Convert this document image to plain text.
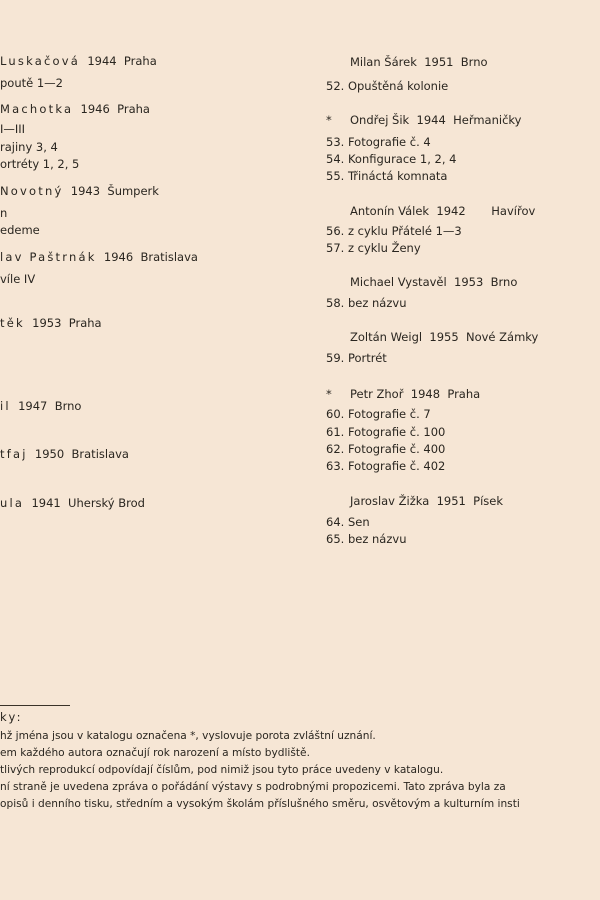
Luskačová 1944 Praha
poutě 1—2
Machotka 1946 Praha
I—III
rajiny 3, 4
ortréty 1, 2, 5
Novotný 1943 Šumperk
n
edeme
lav Paštrnák 1946 Bratislava
víle IV
těk 1953 Praha
il 1947 Brno
tfaj 1950 Bratislava
ula 1941 Uherský Brod
Milan Šárek 1951 Brno
52. Opuštěná kolonie
* Ondřej Šik 1944 Heřmaničky
53. Fotografie č. 4
54. Konfigurace 1, 2, 4
55. Třináctá komnata
Antonín Válek 1942 Havířov
56. z cyklu Přátelé 1—3
57. z cyklu Ženy
Michael Vystavěl 1953 Brno
58. bez názvu
Zoltán Weigl 1955 Nové Zámky
59. Portrét
* Petr Zhoř 1948 Praha
60. Fotografie č. 7
61. Fotografie č. 100
62. Fotografie č. 400
63. Fotografie č. 402
Jaroslav Žižka 1951 Písek
64. Sen
65. bez názvu
ky:
hž jména jsou v katalogu označena *, vyslovuje porota zvláštní uznání.
em každého autora označují rok narození a místo bydliště.
tlivých reprodukcí odpovídají číslům, pod nimiž jsou tyto práce uvedeny v katalogu.
ní straně je uvedena zpráva o pořádání výstavy s podrobnými propozicemi. Tato zpráva byla za
opisů i denního tisku, středním a vysokým školám příslušného směru, osvětovým a kulturním insti
